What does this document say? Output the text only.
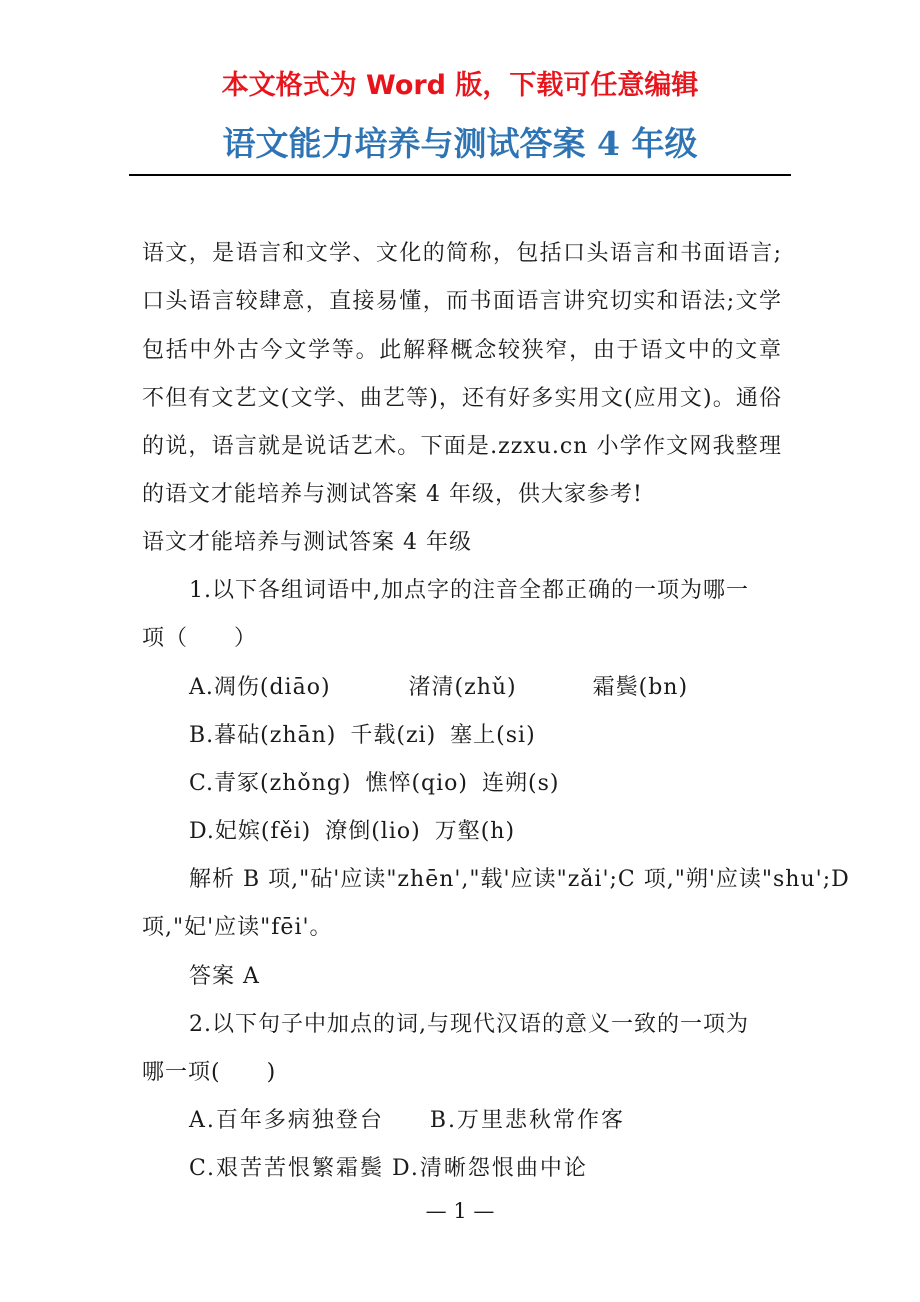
本文格式为 Word 版，下载可任意编辑
语文能力培养与测试答案 4 年级

语文，是语言和文学、文化的简称，包括口头语言和书面语言;口头语言较肆意，直接易懂，而书面语言讲究切实和语法;文学包括中外古今文学等。此解释概念较狭窄，由于语文中的文章不但有文艺文(文学、曲艺等)，还有好多实用文(应用文)。通俗的说，语言就是说话艺术。下面是.zzxu.cn 小学作文网我整理的语文才能培养与测试答案 4 年级，供大家参考!

语文才能培养与测试答案 4 年级
1.以下各组词语中,加点字的注音全都正确的一项为哪一
项（　　）
A.凋伤(diāo)	渚清(zhǔ)	霜鬓(bn)
B.暮砧(zhān) 千载(zi) 塞上(si)
C.青冢(zhǒng) 憔悴(qio) 连朔(s)
D.妃嫔(fěi) 潦倒(lio) 万壑(h)
解析 B 项,"砧'应读"zhēn',"载'应读"zǎi';C 项,"朔'应读"shu';D
项,"妃'应读"fēi'。
答案 A
2.以下句子中加点的词,与现代汉语的意义一致的一项为
哪一项(　　)
A.百年多病独登台 B.万里悲秋常作客
C.艰苦苦恨繁霜鬓 D.清晰怨恨曲中论
— 1 —
